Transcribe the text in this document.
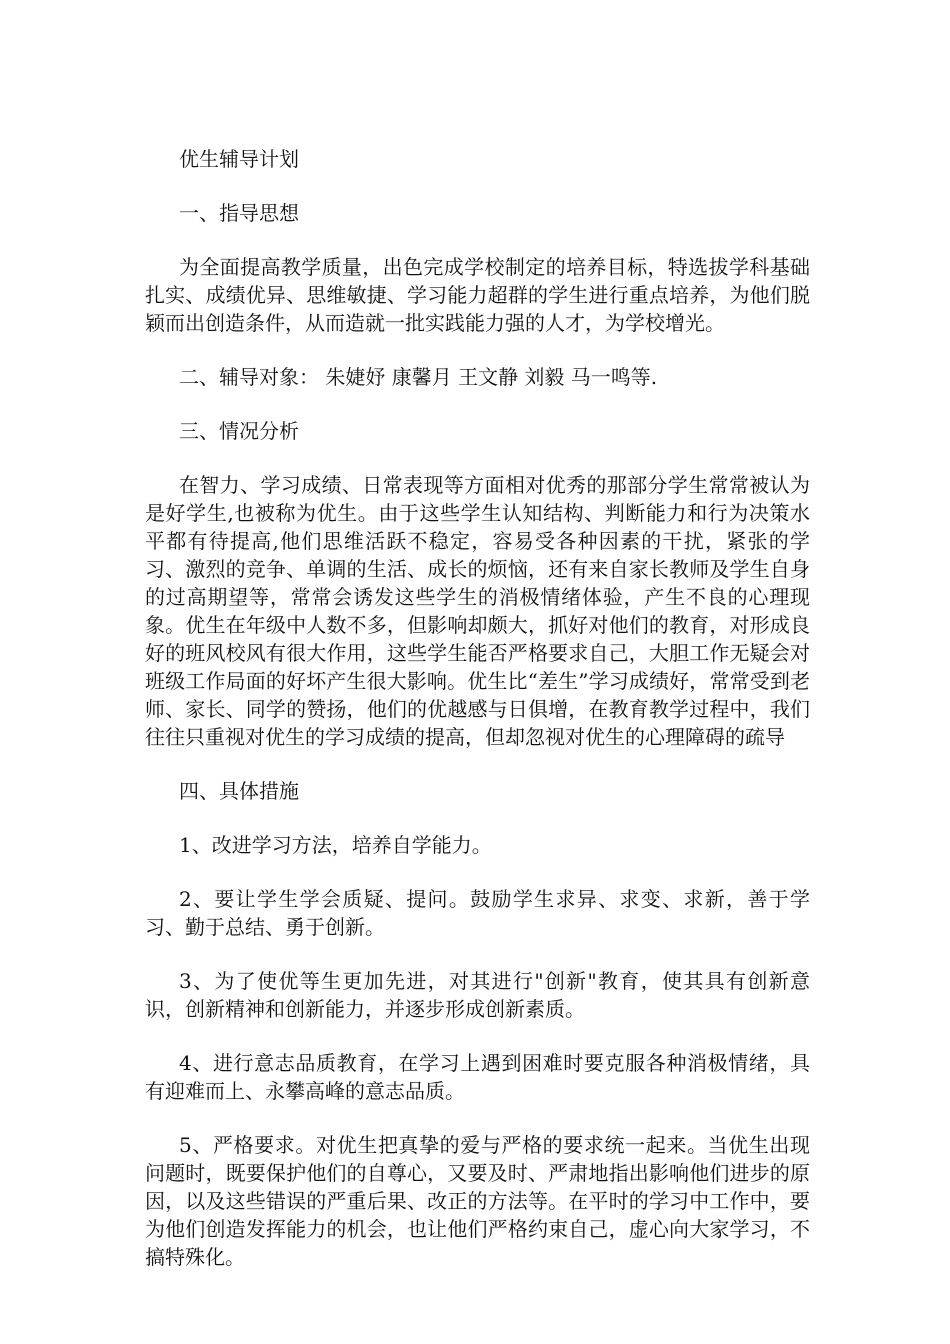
优生辅导计划

一、指导思想

为全面提高教学质量，出色完成学校制定的培养目标，特选拔学科基础扎实、成绩优异、思维敏捷、学习能力超群的学生进行重点培养，为他们脱颖而出创造条件，从而造就一批实践能力强的人才，为学校增光。

二、辅导对象： 朱婕妤 康馨月 王文静 刘毅 马一鸣等.

三、情况分析

在智力、学习成绩、日常表现等方面相对优秀的那部分学生常常被认为是好学生,也被称为优生。由于这些学生认知结构、判断能力和行为决策水平都有待提高,他们思维活跃不稳定，容易受各种因素的干扰，紧张的学习、激烈的竞争、单调的生活、成长的烦恼，还有来自家长教师及学生自身的过高期望等，常常会诱发这些学生的消极情绪体验，产生不良的心理现象。优生在年级中人数不多，但影响却颇大，抓好对他们的教育，对形成良好的班风校风有很大作用，这些学生能否严格要求自己，大胆工作无疑会对班级工作局面的好坏产生很大影响。优生比“差生”学习成绩好，常常受到老师、家长、同学的赞扬，他们的优越感与日俱增，在教育教学过程中，我们往往只重视对优生的学习成绩的提高，但却忽视对优生的心理障碍的疏导

四、具体措施

1、改进学习方法，培养自学能力。

2、要让学生学会质疑、提问。鼓励学生求异、求变、求新，善于学习、勤于总结、勇于创新。

3、为了使优等生更加先进，对其进行"创新"教育，使其具有创新意识，创新精神和创新能力，并逐步形成创新素质。

4、进行意志品质教育，在学习上遇到困难时要克服各种消极情绪，具有迎难而上、永攀高峰的意志品质。

5、严格要求。对优生把真挚的爱与严格的要求统一起来。当优生出现问题时，既要保护他们的自尊心，又要及时、严肃地指出影响他们进步的原因，以及这些错误的严重后果、改正的方法等。在平时的学习中工作中，要为他们创造发挥能力的机会，也让他们严格约束自己，虚心向大家学习，不搞特殊化。
